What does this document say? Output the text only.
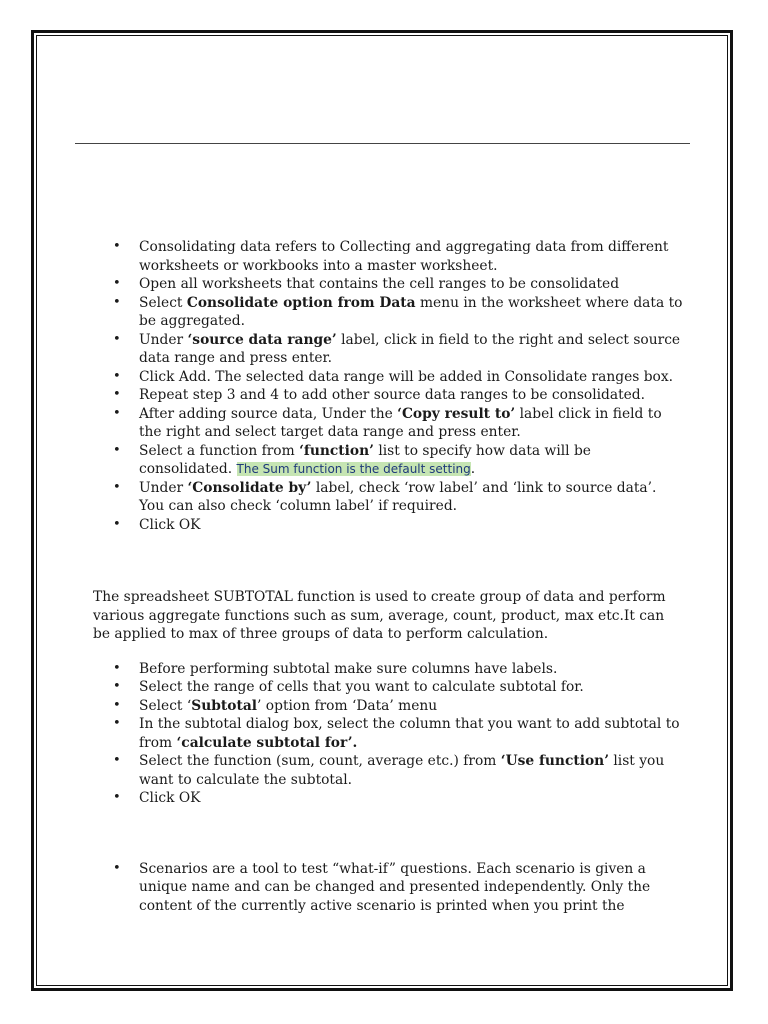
• Consolidating data refers to Collecting and aggregating data from different worksheets or workbooks into a master worksheet.
• Open all worksheets that contains the cell ranges to be consolidated
• Select Consolidate option from Data menu in the worksheet where data to be aggregated.
• Under ‘source data range’ label, click in field to the right and select source data range and press enter.
• Click Add. The selected data range will be added in Consolidate ranges box.
• Repeat step 3 and 4 to add other source data ranges to be consolidated.
• After adding source data, Under the ‘Copy result to’ label click in field to the right and select target data range and press enter.
• Select a function from ‘function’ list to specify how data will be consolidated. The Sum function is the default setting.
• Under ‘Consolidate by’ label, check ‘row label’ and ‘link to source data’. You can also check ‘column label’ if required.
• Click OK

The spreadsheet SUBTOTAL function is used to create group of data and perform various aggregate functions such as sum, average, count, product, max etc.It can be applied to max of three groups of data to perform calculation.

• Before performing subtotal make sure columns have labels.
• Select the range of cells that you want to calculate subtotal for.
• Select ‘Subtotal’ option from ‘Data’ menu
• In the subtotal dialog box, select the column that you want to add subtotal to from ‘calculate subtotal for’.
• Select the function (sum, count, average etc.) from ‘Use function’ list you want to calculate the subtotal.
• Click OK
• Scenarios are a tool to test “what-if” questions. Each scenario is given a unique name and can be changed and presented independently. Only the content of the currently active scenario is printed when you print the
